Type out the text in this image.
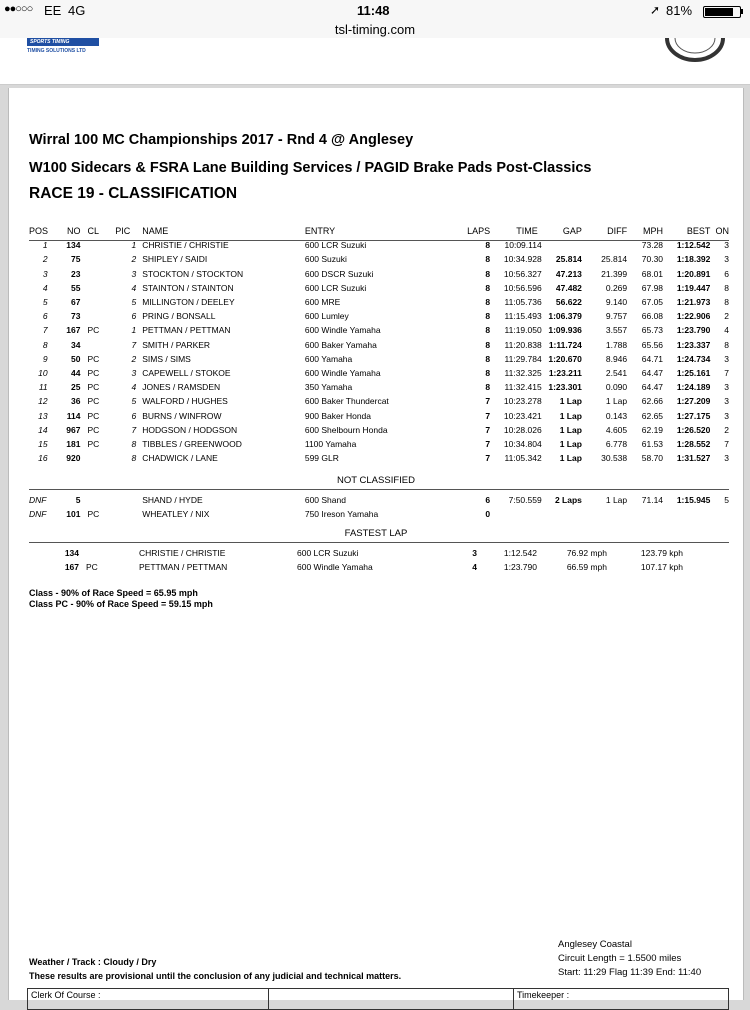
●●○○○ EE 4G	11:48	➚ 81%
tsl-timing.com
SPORTS TIMING
TIMING SOLUTIONS LTD
Wirral 100 MC Championships 2017 - Rnd 4 @ Anglesey
W100 Sidecars & FSRA Lane Building Services / PAGID Brake Pads Post-Classics
RACE 19 - CLASSIFICATION
POS	NO	CL	PIC	NAME	ENTRY	LAPS	TIME	GAP	DIFF	MPH	BEST	ON
1	134		1	CHRISTIE / CHRISTIE	600 LCR Suzuki	8	10:09.114			73.28	1:12.542	3
2	75		2	SHIPLEY / SAIDI	600 Suzuki	8	10:34.928	25.814	25.814	70.30	1:18.392	3
3	23		3	STOCKTON / STOCKTON	600 DSCR Suzuki	8	10:56.327	47.213	21.399	68.01	1:20.891	6
4	55		4	STAINTON / STAINTON	600 LCR Suzuki	8	10:56.596	47.482	0.269	67.98	1:19.447	8
5	67		5	MILLINGTON / DEELEY	600 MRE	8	11:05.736	56.622	9.140	67.05	1:21.973	8
6	73		6	PRING / BONSALL	600 Lumley	8	11:15.493	1:06.379	9.757	66.08	1:22.906	2
7	167	PC	1	PETTMAN / PETTMAN	600 Windle Yamaha	8	11:19.050	1:09.936	3.557	65.73	1:23.790	4
8	34		7	SMITH / PARKER	600 Baker Yamaha	8	11:20.838	1:11.724	1.788	65.56	1:23.337	8
9	50	PC	2	SIMS / SIMS	600 Yamaha	8	11:29.784	1:20.670	8.946	64.71	1:24.734	3
10	44	PC	3	CAPEWELL / STOKOE	600 Windle Yamaha	8	11:32.325	1:23.211	2.541	64.47	1:25.161	7
11	25	PC	4	JONES / RAMSDEN	350 Yamaha	8	11:32.415	1:23.301	0.090	64.47	1:24.189	3
12	36	PC	5	WALFORD / HUGHES	600 Baker Thundercat	7	10:23.278	1 Lap	1 Lap	62.66	1:27.209	3
13	114	PC	6	BURNS / WINFROW	900 Baker Honda	7	10:23.421	1 Lap	0.143	62.65	1:27.175	3
14	967	PC	7	HODGSON / HODGSON	600 Shelbourn Honda	7	10:28.026	1 Lap	4.605	62.19	1:26.520	2
15	181	PC	8	TIBBLES / GREENWOOD	1100 Yamaha	7	10:34.804	1 Lap	6.778	61.53	1:28.552	7
16	920		8	CHADWICK / LANE	599 GLR	7	11:05.342	1 Lap	30.538	58.70	1:31.527	3
NOT CLASSIFIED
DNF	5			SHAND / HYDE	600 Shand	6	7:50.559	2 Laps	1 Lap	71.14	1:15.945	5
DNF	101	PC		WHEATLEY / NIX	750 Ireson Yamaha	0						
FASTEST LAP
	134			CHRISTIE / CHRISTIE	600 LCR Suzuki	3	1:12.542	76.92 mph	123.79 kph	
	167	PC		PETTMAN / PETTMAN	600 Windle Yamaha	4	1:23.790	66.59 mph	107.17 kph	
Class - 90% of Race Speed = 65.95 mph
Class PC - 90% of Race Speed = 59.15 mph
Anglesey Coastal
Circuit Length = 1.5500 miles
Start: 11:29 Flag 11:39 End: 11:40
Weather / Track : Cloudy / Dry
These results are provisional until the conclusion of any judicial and technical matters.
Clerk Of Course :	Timekeeper :
